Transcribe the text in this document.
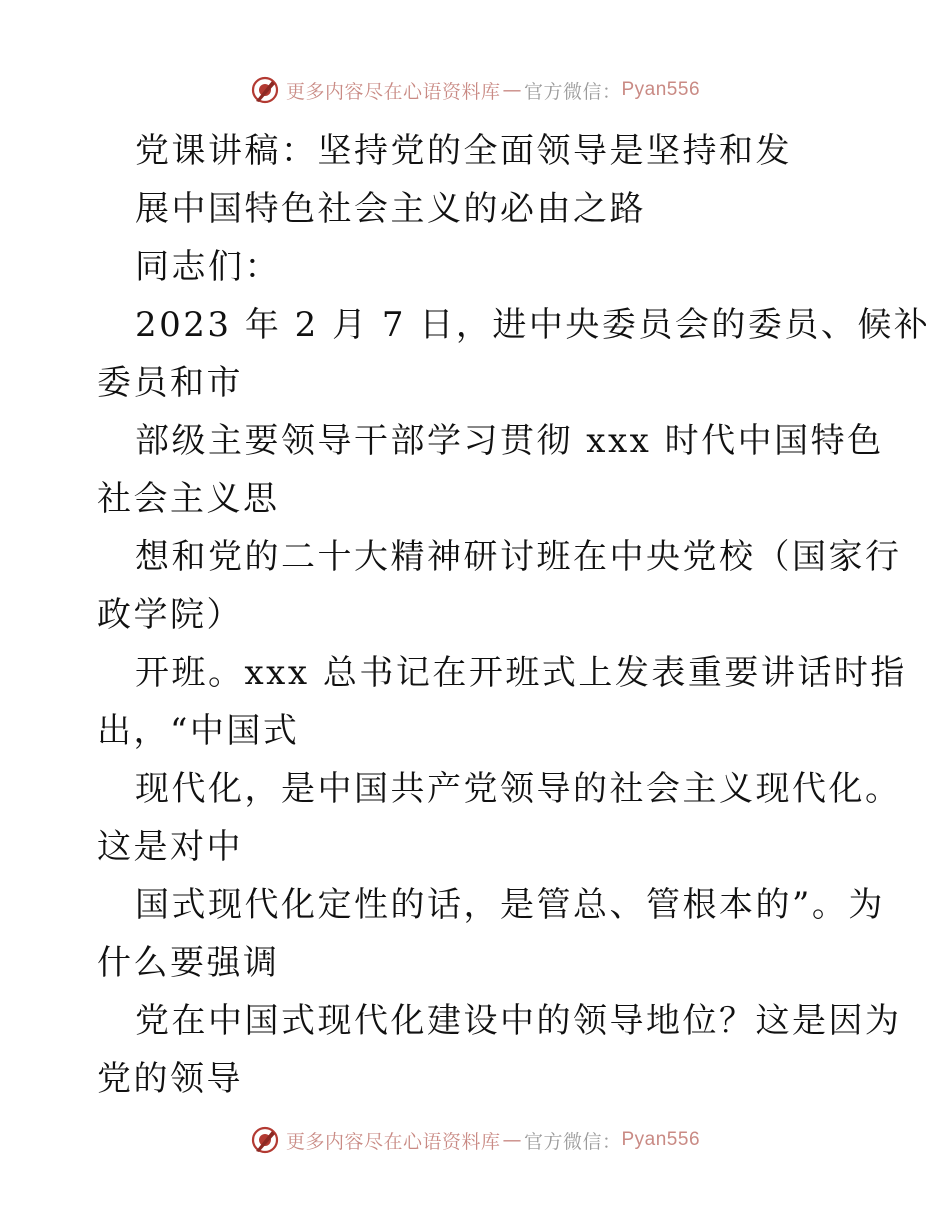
更多内容尽在心语资料库 — 官方微信： Pyan556
党课讲稿：坚持党的全面领导是坚持和发
展中国特色社会主义的必由之路
同志们：
2023 年 2 月 7 日，进中央委员会的委员、候补
委员和市
部级主要领导干部学习贯彻 xxx 时代中国特色
社会主义思
想和党的二十大精神研讨班在中央党校（国家行
政学院）
开班。xxx 总书记在开班式上发表重要讲话时指
出，“中国式
现代化，是中国共产党领导的社会主义现代化。
这是对中
国式现代化定性的话，是管总、管根本的”。为
什么要强调
党在中国式现代化建设中的领导地位？这是因为
党的领导
更多内容尽在心语资料库 — 官方微信： Pyan556
